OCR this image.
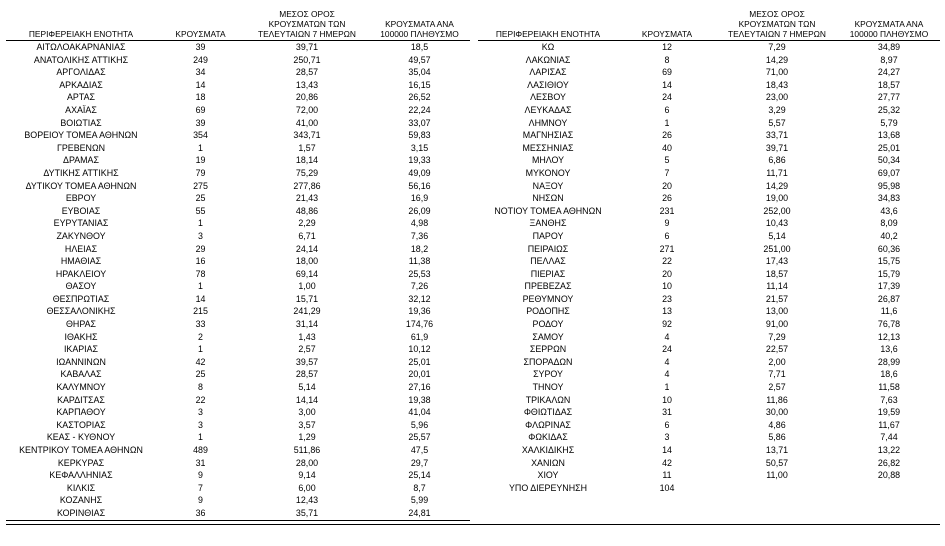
ΠΕΡΙΦΕΡΕΙΑΚΗ ΕΝΟΤΗΤΑ	ΚΡΟΥΣΜΑΤΑ	ΜΕΣΟΣ ΟΡΟΣ ΚΡΟΥΣΜΑΤΩΝ ΤΩΝ ΤΕΛΕΥΤΑΙΩΝ 7 ΗΜΕΡΩΝ	ΚΡΟΥΣΜΑΤΑ ΑΝΑ 100000 ΠΛΗΘΥΣΜΟ
ΑΙΤΩΛΟΑΚΑΡΝΑΝΙΑΣ	39	39,71	18,5
ΑΝΑΤΟΛΙΚΗΣ ΑΤΤΙΚΗΣ	249	250,71	49,57
ΑΡΓΟΛΙΔΑΣ	34	28,57	35,04
ΑΡΚΑΔΙΑΣ	14	13,43	16,15
ΑΡΤΑΣ	18	20,86	26,52
ΑΧΑΪΑΣ	69	72,00	22,24
ΒΟΙΩΤΙΑΣ	39	41,00	33,07
ΒΟΡΕΙΟΥ ΤΟΜΕΑ ΑΘΗΝΩΝ	354	343,71	59,83
ΓΡΕΒΕΝΩΝ	1	1,57	3,15
ΔΡΑΜΑΣ	19	18,14	19,33
ΔΥΤΙΚΗΣ ΑΤΤΙΚΗΣ	79	75,29	49,09
ΔΥΤΙΚΟΥ ΤΟΜΕΑ ΑΘΗΝΩΝ	275	277,86	56,16
ΕΒΡΟΥ	25	21,43	16,9
ΕΥΒΟΙΑΣ	55	48,86	26,09
ΕΥΡΥΤΑΝΙΑΣ	1	2,29	4,98
ΖΑΚΥΝΘΟΥ	3	6,71	7,36
ΗΛΕΙΑΣ	29	24,14	18,2
ΗΜΑΘΙΑΣ	16	18,00	11,38
ΗΡΑΚΛΕΙΟΥ	78	69,14	25,53
ΘΑΣΟΥ	1	1,00	7,26
ΘΕΣΠΡΩΤΙΑΣ	14	15,71	32,12
ΘΕΣΣΑΛΟΝΙΚΗΣ	215	241,29	19,36
ΘΗΡΑΣ	33	31,14	174,76
ΙΘΑΚΗΣ	2	1,43	61,9
ΙΚΑΡΙΑΣ	1	2,57	10,12
ΙΩΑΝΝΙΝΩΝ	42	39,57	25,01
ΚΑΒΑΛΑΣ	25	28,57	20,01
ΚΑΛΥΜΝΟΥ	8	5,14	27,16
ΚΑΡΔΙΤΣΑΣ	22	14,14	19,38
ΚΑΡΠΑΘΟΥ	3	3,00	41,04
ΚΑΣΤΟΡΙΑΣ	3	3,57	5,96
ΚΕΑΣ - ΚΥΘΝΟΥ	1	1,29	25,57
ΚΕΝΤΡΙΚΟΥ ΤΟΜΕΑ ΑΘΗΝΩΝ	489	511,86	47,5
ΚΕΡΚΥΡΑΣ	31	28,00	29,7
ΚΕΦΑΛΛΗΝΙΑΣ	9	9,14	25,14
ΚΙΛΚΙΣ	7	6,00	8,7
ΚΟΖΑΝΗΣ	9	12,43	5,99
ΚΟΡΙΝΘΙΑΣ	36	35,71	24,81
ΠΕΡΙΦΕΡΕΙΑΚΗ ΕΝΟΤΗΤΑ	ΚΡΟΥΣΜΑΤΑ	ΜΕΣΟΣ ΟΡΟΣ ΚΡΟΥΣΜΑΤΩΝ ΤΩΝ ΤΕΛΕΥΤΑΙΩΝ 7 ΗΜΕΡΩΝ	ΚΡΟΥΣΜΑΤΑ ΑΝΑ 100000 ΠΛΗΘΥΣΜΟ
ΚΩ	12	7,29	34,89
ΛΑΚΩΝΙΑΣ	8	14,29	8,97
ΛΑΡΙΣΑΣ	69	71,00	24,27
ΛΑΣΙΘΙΟΥ	14	18,43	18,57
ΛΕΣΒΟΥ	24	23,00	27,77
ΛΕΥΚΑΔΑΣ	6	3,29	25,32
ΛΗΜΝΟΥ	1	5,57	5,79
ΜΑΓΝΗΣΙΑΣ	26	33,71	13,68
ΜΕΣΣΗΝΙΑΣ	40	39,71	25,01
ΜΗΛΟΥ	5	6,86	50,34
ΜΥΚΟΝΟΥ	7	11,71	69,07
ΝΑΞΟΥ	20	14,29	95,98
ΝΗΣΩΝ	26	19,00	34,83
ΝΟΤΙΟΥ ΤΟΜΕΑ ΑΘΗΝΩΝ	231	252,00	43,6
ΞΑΝΘΗΣ	9	10,43	8,09
ΠΑΡΟΥ	6	5,14	40,2
ΠΕΙΡΑΙΩΣ	271	251,00	60,36
ΠΕΛΛΑΣ	22	17,43	15,75
ΠΙΕΡΙΑΣ	20	18,57	15,79
ΠΡΕΒΕΖΑΣ	10	11,14	17,39
ΡΕΘΥΜΝΟΥ	23	21,57	26,87
ΡΟΔΟΠΗΣ	13	13,00	11,6
ΡΟΔΟΥ	92	91,00	76,78
ΣΑΜΟΥ	4	7,29	12,13
ΣΕΡΡΩΝ	24	22,57	13,6
ΣΠΟΡΑΔΩΝ	4	2,00	28,99
ΣΥΡΟΥ	4	7,71	18,6
ΤΗΝΟΥ	1	2,57	11,58
ΤΡΙΚΑΛΩΝ	10	11,86	7,63
ΦΘΙΩΤΙΔΑΣ	31	30,00	19,59
ΦΛΩΡΙΝΑΣ	6	4,86	11,67
ΦΩΚΙΔΑΣ	3	5,86	7,44
ΧΑΛΚΙΔΙΚΗΣ	14	13,71	13,22
ΧΑΝΙΩΝ	42	50,57	26,82
ΧΙΟΥ	11	11,00	20,88
ΥΠΟ ΔΙΕΡΕΥΝΗΣΗ	104		
